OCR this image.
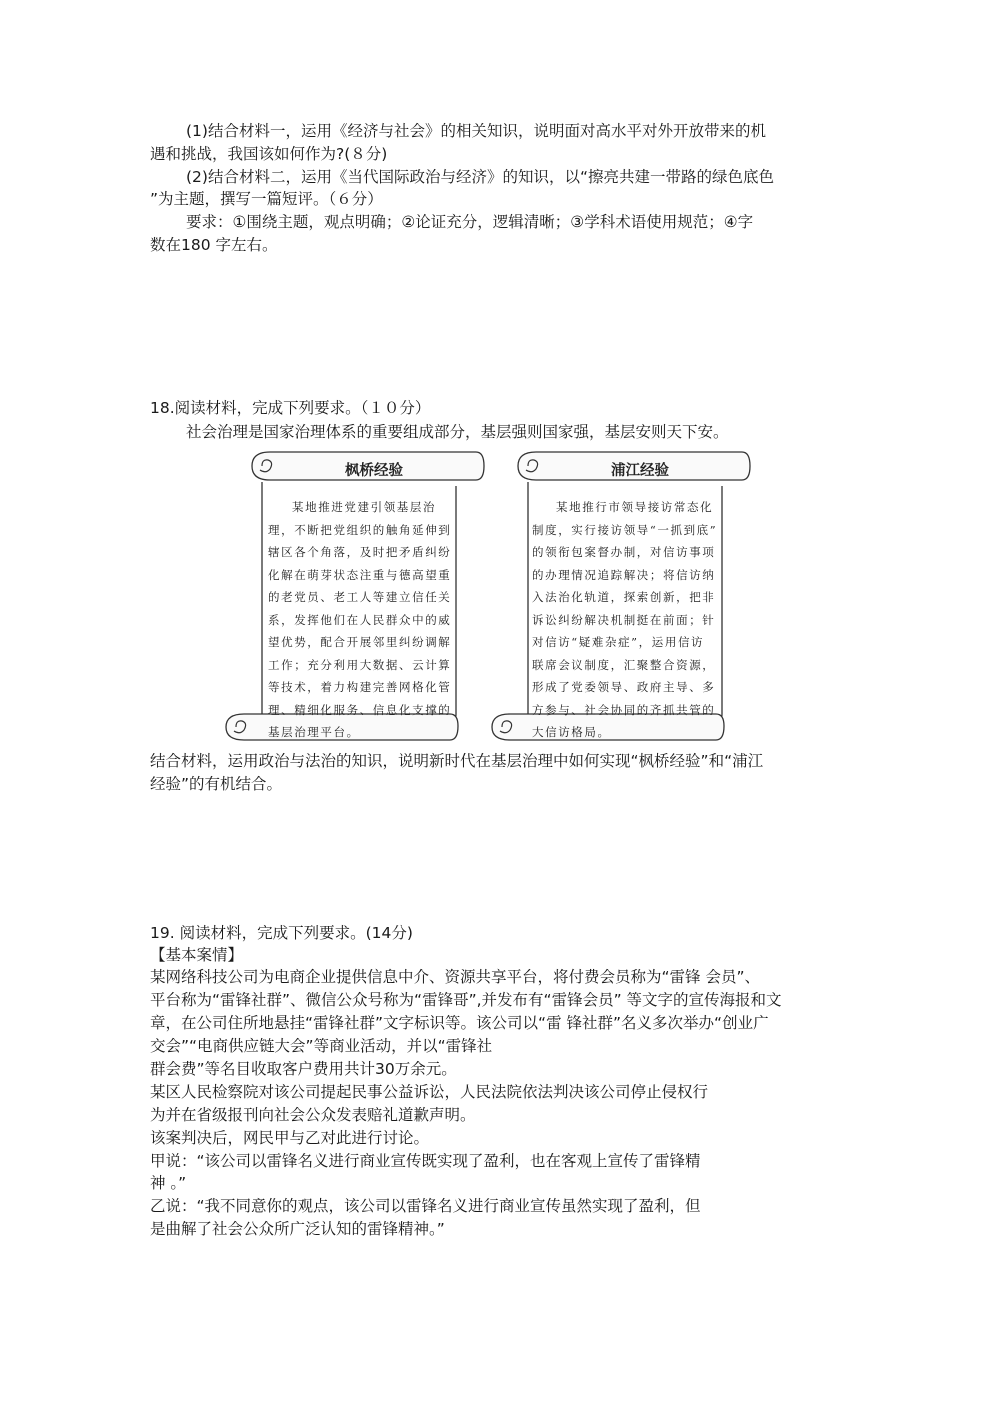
(1)结合材料一，运用《经济与社会》的相关知识，说明面对高水平对外开放带来的机
遇和挑战，我国该如何作为?(８分)
(2)结合材料二，运用《当代国际政治与经济》的知识，以“擦亮共建一带路的绿色底色
”为主题，撰写一篇短评。（６分）
要求：①围绕主题，观点明确；②论证充分，逻辑清晰；③学科术语使用规范；④字
数在180 字左右。
18.阅读材料，完成下列要求。（１０分）
社会治理是国家治理体系的重要组成部分，基层强则国家强，基层安则天下安。
枫桥经验
某地推进党建引领基层治
理，不断把党组织的触角延伸到
辖区各个角落，及时把矛盾纠纷
化解在萌芽状态注重与德高望重
的老党员、老工人等建立信任关
系，发挥他们在人民群众中的威
望优势，配合开展邻里纠纷调解
工作；充分利用大数据、云计算
等技术，着力构建完善网格化管
理、精细化服务、信息化支撑的
基层治理平台。
浦江经验
某地推行市领导接访常态化
制度，实行接访领导“一抓到底”
的领衔包案督办制，对信访事项
的办理情况追踪解决；将信访纳
入法治化轨道，探索创新，把非
诉讼纠纷解决机制挺在前面；针
对信访“疑难杂症”，运用信访
联席会议制度，汇聚整合资源，
形成了党委领导、政府主导、多
方参与、社会协同的齐抓共管的
大信访格局。
结合材料，运用政治与法治的知识，说明新时代在基层治理中如何实现“枫桥经验”和“浦江
经验”的有机结合。
19. 阅读材料，完成下列要求。(14分)
【基本案情】
某网络科技公司为电商企业提供信息中介、资源共享平台，将付费会员称为“雷锋 会员”、
平台称为“雷锋社群”、微信公众号称为“雷锋哥”,并发布有“雷锋会员” 等文字的宣传海报和文
章，在公司住所地悬挂“雷锋社群”文字标识等。该公司以“雷 锋社群”名义多次举办“创业广
交会”“电商供应链大会”等商业活动，并以“雷锋社
群会费”等名目收取客户费用共计30万余元。
某区人民检察院对该公司提起民事公益诉讼，人民法院依法判决该公司停止侵权行
为并在省级报刊向社会公众发表赔礼道歉声明。
该案判决后，网民甲与乙对此进行讨论。
甲说：“该公司以雷锋名义进行商业宣传既实现了盈利，也在客观上宣传了雷锋精
神 。”
乙说：“我不同意你的观点，该公司以雷锋名义进行商业宣传虽然实现了盈利，但
是曲解了社会公众所广泛认知的雷锋精神。”
